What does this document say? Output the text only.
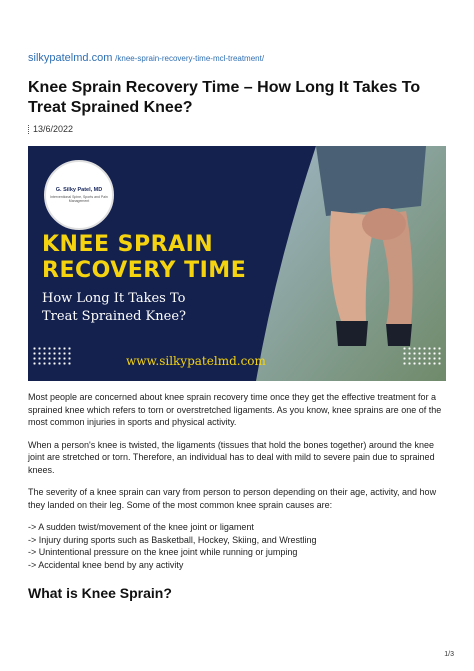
silkypatelmd.com /knee-sprain-recovery-time-mcl-treatment/
Knee Sprain Recovery Time – How Long It Takes To Treat Sprained Knee?
13/6/2022
G. Silky Patel, MD
Interventional Spine, Sports and Pain Management
KNEE SPRAIN
RECOVERY TIME
How Long It Takes To
Treat Sprained Knee?
www.silkypatelmd.com

Most people are concerned about knee sprain recovery time once they get the effective treatment for a sprained knee which refers to torn or overstretched ligaments. As you know, knee sprains are one of the most common injuries in sports and physical activity.

When a person's knee is twisted, the ligaments (tissues that hold the bones together) around the knee joint are stretched or torn. Therefore, an individual has to deal with mild to severe pain due to sprained knees.

The severity of a knee sprain can vary from person to person depending on their age, activity, and how they landed on their leg. Some of the most common knee sprain causes are:

-> A sudden twist/movement of the knee joint or ligament
-> Injury during sports such as Basketball, Hockey, Skiing, and Wrestling
-> Unintentional pressure on the knee joint while running or jumping
-> Accidental knee bend by any activity
What is Knee Sprain?
1/3
